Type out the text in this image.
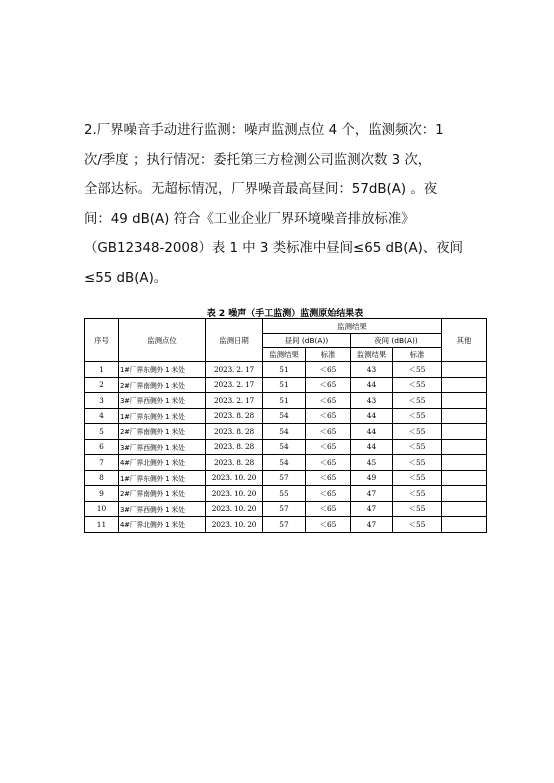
2.厂界噪音手动进行监测：噪声监测点位 4 个，监测频次：1
次/季度 ；执行情况：委托第三方检测公司监测次数 3 次，
全部达标。无超标情况，厂界噪音最高昼间：57dB(A) 。夜
间：49 dB(A) 符合《工业企业厂界环境噪音排放标准》
（GB12348-2008）表 1 中 3 类标准中昼间≤65 dB(A)、夜间
≤55 dB(A)。
表 2 噪声（手工监测）监测原始结果表
序号	监测点位	监测日期	监测结果				其他
			昼间 (dB(A))		夜间 (dB(A))		
			监测结果	标准	监测结果	标准	
1	1#厂界东侧外 1 米处	2023. 2. 17	51	＜65	43	＜55	
2	2#厂界南侧外 1 米处	2023. 2. 17	51	＜65	44	＜55	
3	3#厂界西侧外 1 米处	2023. 2. 17	51	＜65	43	＜55	
4	1#厂界东侧外 1 米处	2023. 8. 28	54	＜65	44	＜55	
5	2#厂界南侧外 1 米处	2023. 8. 28	54	＜65	44	＜55	
6	3#厂界西侧外 1 米处	2023. 8. 28	54	＜65	44	＜55	
7	4#厂界北侧外 1 米处	2023. 8. 28	54	＜65	45	＜55	
8	1#厂界东侧外 1 米处	2023. 10. 20	57	＜65	49	＜55	
9	2#厂界南侧外 1 米处	2023. 10. 20	55	＜65	47	＜55	
10	3#厂界西侧外 1 米处	2023. 10. 20	57	＜65	47	＜55	
11	4#厂界北侧外 1 米处	2023. 10. 20	57	＜65	47	＜55	
